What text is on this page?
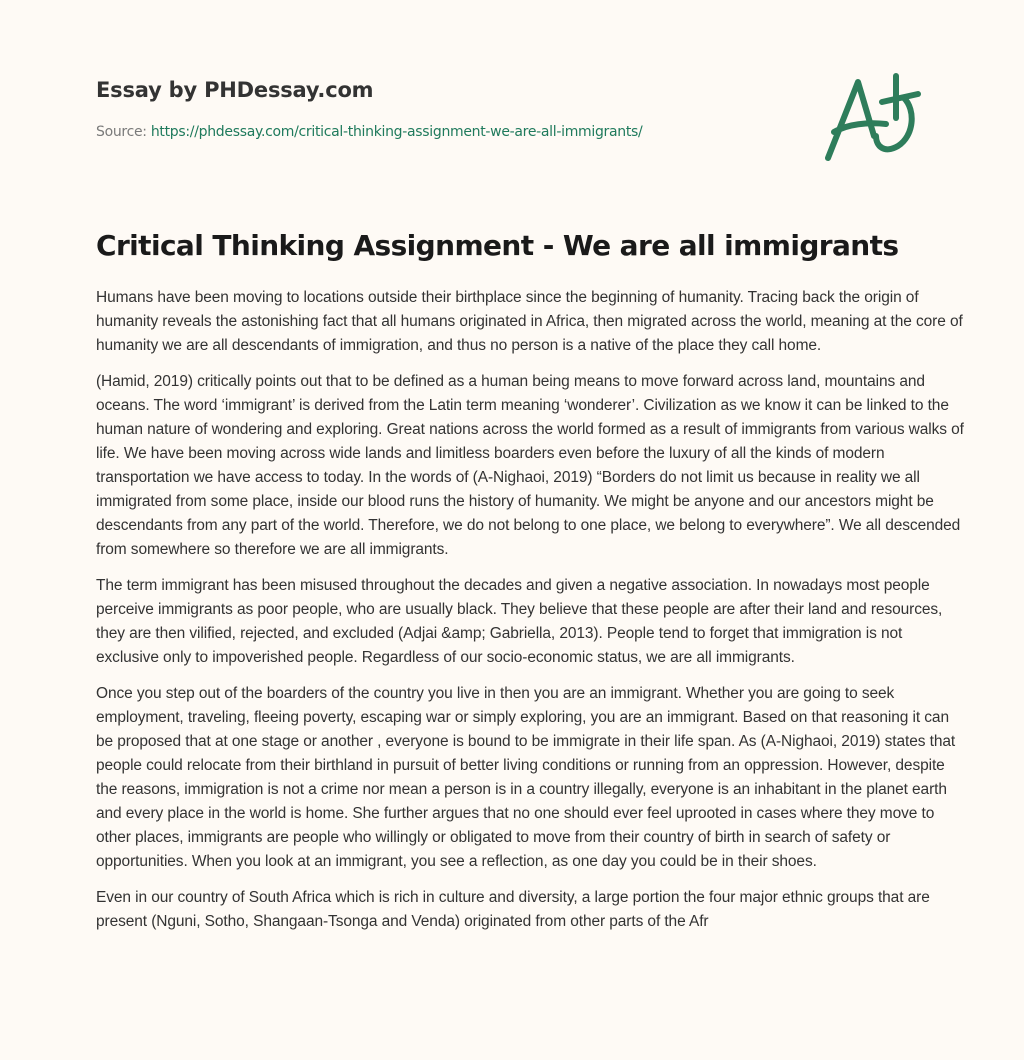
Essay by PHDessay.com
Source: https://phdessay.com/critical-thinking-assignment-we-are-all-immigrants/
Critical Thinking Assignment - We are all immigrants

Humans have been moving to locations outside their birthplace since the beginning of humanity. Tracing back the origin of humanity reveals the astonishing fact that all humans originated in Africa, then migrated across the world, meaning at the core of humanity we are all descendants of immigration, and thus no person is a native of the place they call home.

(Hamid, 2019) critically points out that to be defined as a human being means to move forward across land, mountains and oceans. The word ‘immigrant’ is derived from the Latin term meaning ‘wonderer’. Civilization as we know it can be linked to the human nature of wondering and exploring. Great nations across the world formed as a result of immigrants from various walks of life. We have been moving across wide lands and limitless boarders even before the luxury of all the kinds of modern transportation we have access to today. In the words of (A-Nighaoi, 2019) “Borders do not limit us because in reality we all immigrated from some place, inside our blood runs the history of humanity. We might be anyone and our ancestors might be descendants from any part of the world. Therefore, we do not belong to one place, we belong to everywhere”. We all descended from somewhere so therefore we are all immigrants.

The term immigrant has been misused throughout the decades and given a negative association. In nowadays most people perceive immigrants as poor people, who are usually black. They believe that these people are after their land and resources, they are then vilified, rejected, and excluded (Adjai &amp; Gabriella, 2013). People tend to forget that immigration is not exclusive only to impoverished people. Regardless of our socio-economic status, we are all immigrants.

Once you step out of the boarders of the country you live in then you are an immigrant. Whether you are going to seek employment, traveling, fleeing poverty, escaping war or simply exploring, you are an immigrant. Based on that reasoning it can be proposed that at one stage or another , everyone is bound to be immigrate in their life span. As (A-Nighaoi, 2019) states that people could relocate from their birthland in pursuit of better living conditions or running from an oppression. However, despite the reasons, immigration is not a crime nor mean a person is in a country illegally, everyone is an inhabitant in the planet earth and every place in the world is home. She further argues that no one should ever feel uprooted in cases where they move to other places, immigrants are people who willingly or obligated to move from their country of birth in search of safety or opportunities. When you look at an immigrant, you see a reflection, as one day you could be in their shoes.

Even in our country of South Africa which is rich in culture and diversity, a large portion the four major ethnic groups that are present (Nguni, Sotho, Shangaan-Tsonga and Venda) originated from other parts of the Afr
